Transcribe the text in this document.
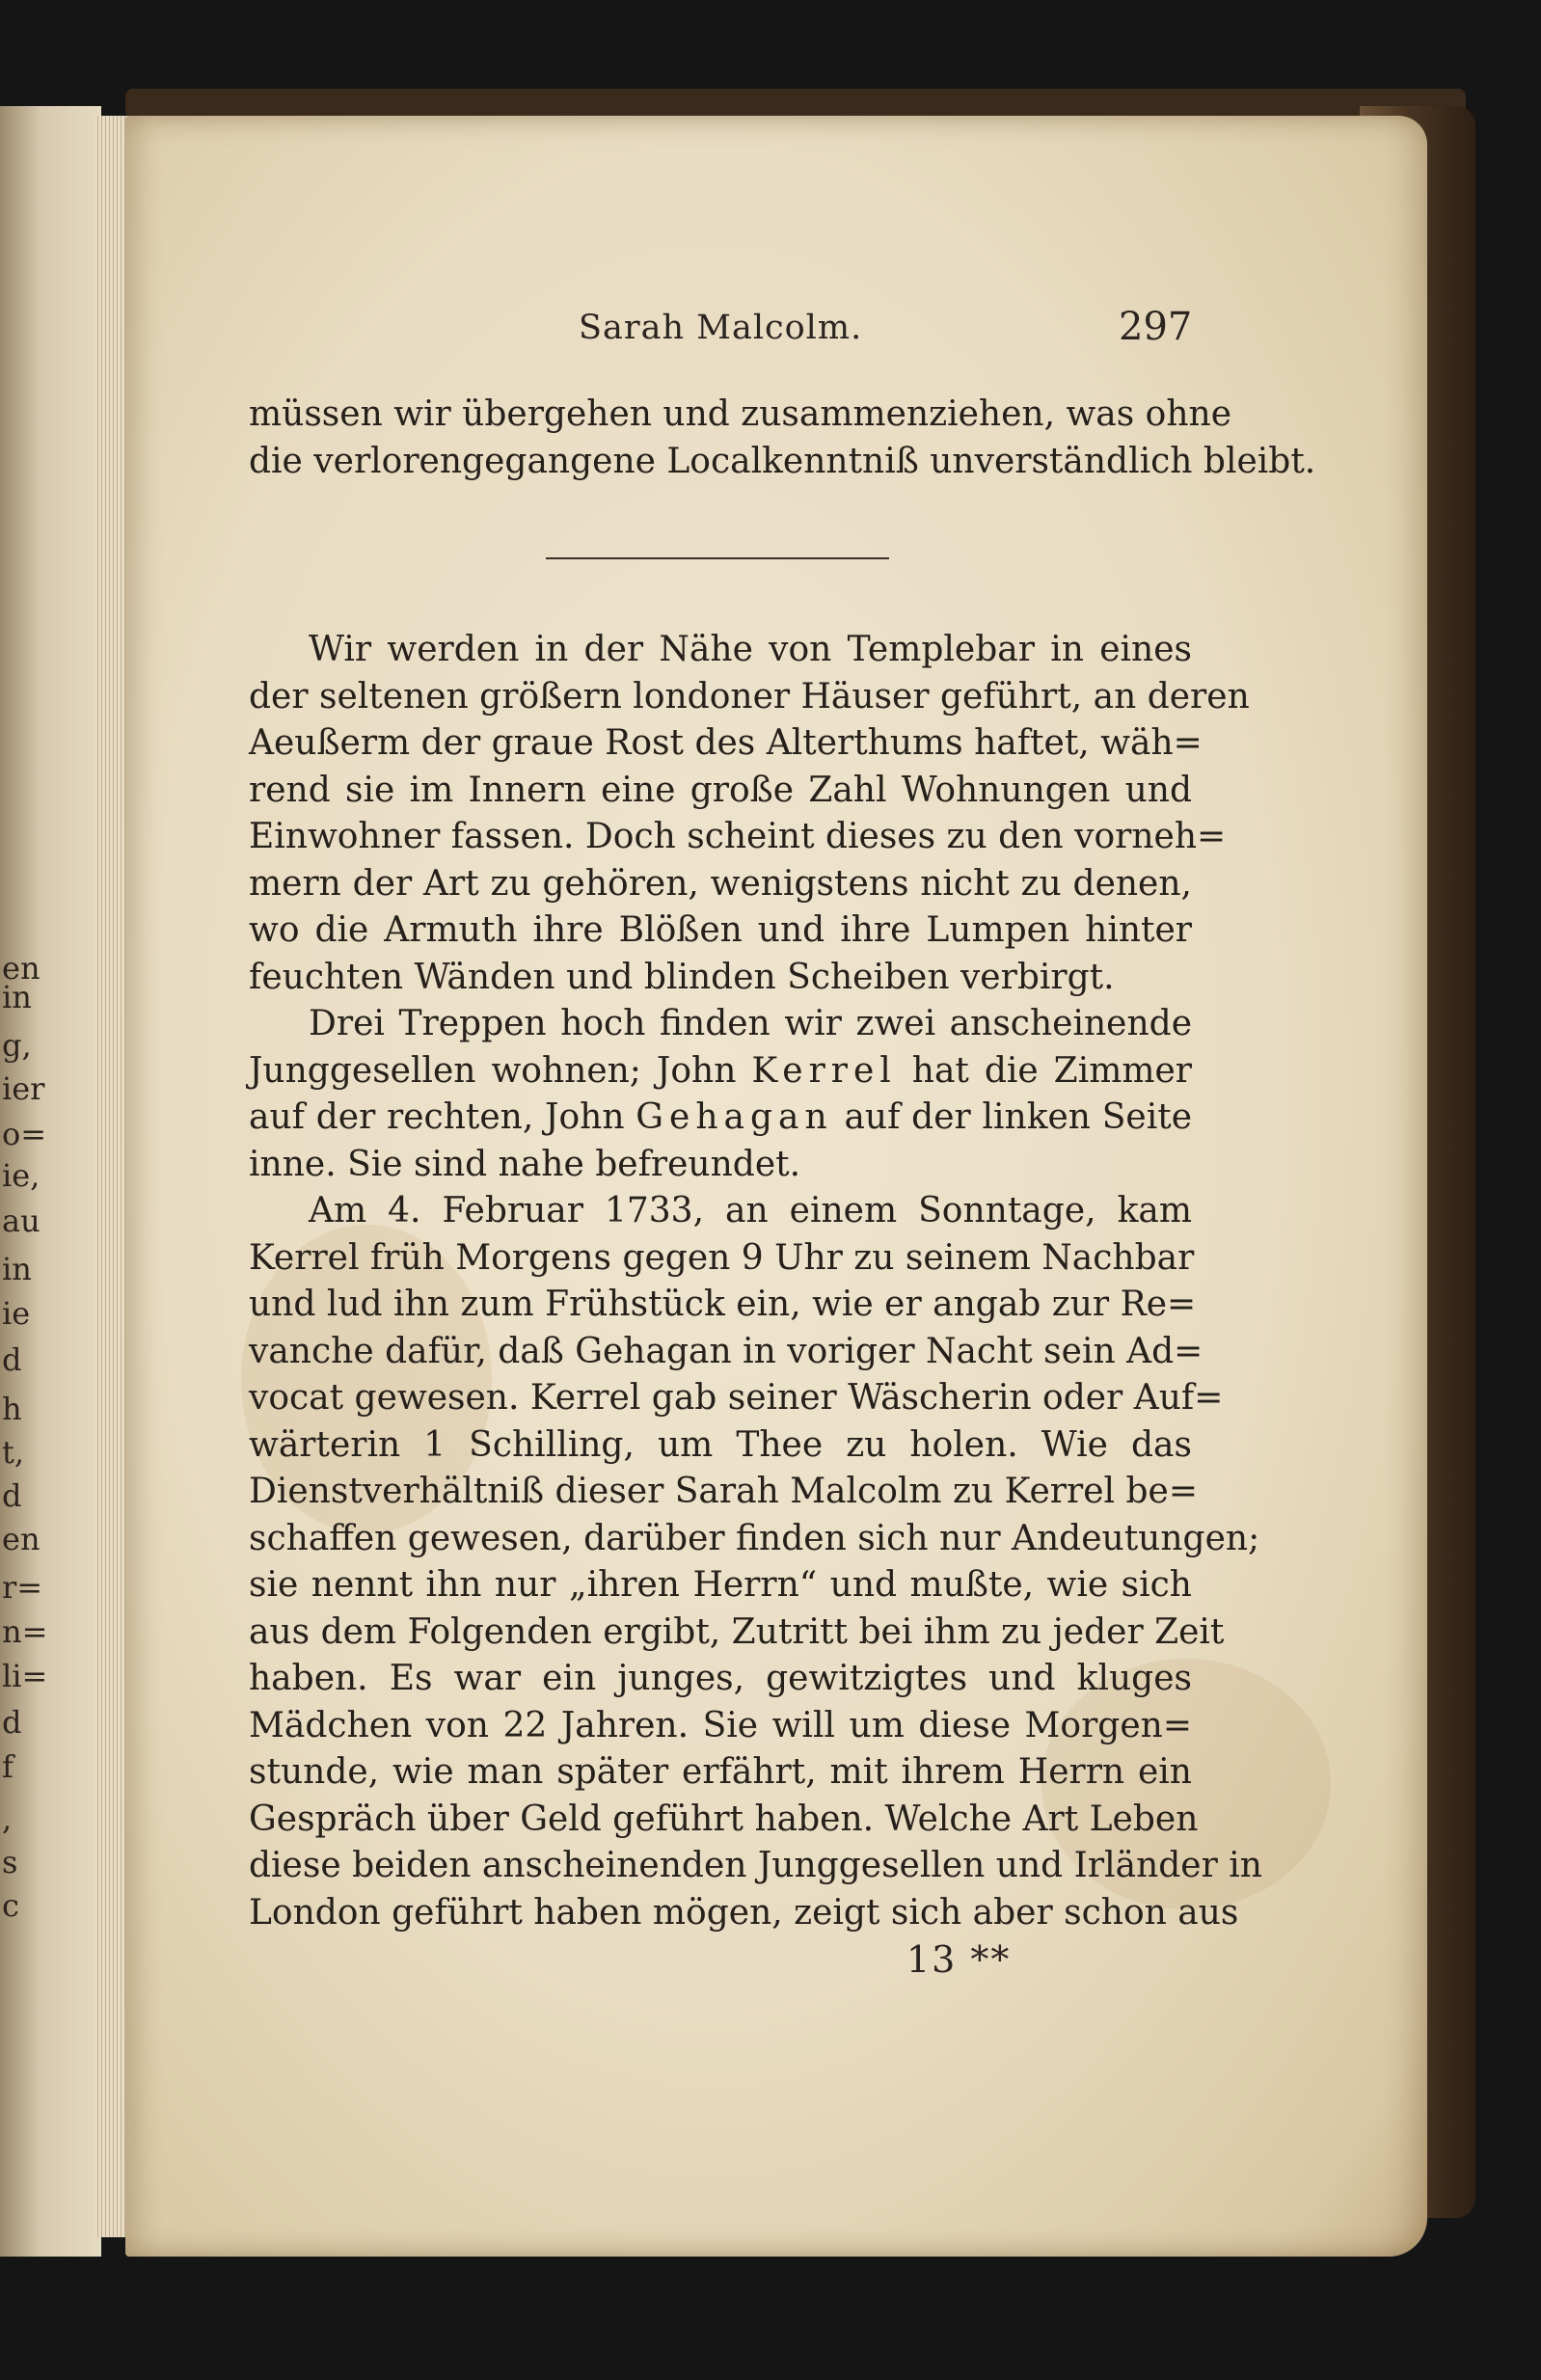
en
in
g,
ier
o=
ie,
au
in
ie
d
h
t,
d
en
r=
n=
li=
d
f
,
s
c
Sarah Malcolm.	297
müssen wir übergehen und zusammenziehen, was ohne
die verlorengegangene Localkenntniß unverständlich bleibt.
Wir werden in der Nähe von Templebar in eines
der seltenen größern londoner Häuser geführt, an deren
Aeußerm der graue Rost des Alterthums haftet, wäh=
rend sie im Innern eine große Zahl Wohnungen und
Einwohner fassen. Doch scheint dieses zu den vorneh=
mern der Art zu gehören, wenigstens nicht zu denen,
wo die Armuth ihre Blößen und ihre Lumpen hinter
feuchten Wänden und blinden Scheiben verbirgt.
Drei Treppen hoch finden wir zwei anscheinende
Junggesellen wohnen; John Kerrel hat die Zimmer
auf der rechten, John Gehagan auf der linken Seite
inne. Sie sind nahe befreundet.
Am 4. Februar 1733, an einem Sonntage, kam
Kerrel früh Morgens gegen 9 Uhr zu seinem Nachbar
und lud ihn zum Frühstück ein, wie er angab zur Re=
vanche dafür, daß Gehagan in voriger Nacht sein Ad=
vocat gewesen. Kerrel gab seiner Wäscherin oder Auf=
wärterin 1 Schilling, um Thee zu holen. Wie das
Dienstverhältniß dieser Sarah Malcolm zu Kerrel be=
schaffen gewesen, darüber finden sich nur Andeutungen;
sie nennt ihn nur „ihren Herrn“ und mußte, wie sich
aus dem Folgenden ergibt, Zutritt bei ihm zu jeder Zeit
haben. Es war ein junges, gewitzigtes und kluges
Mädchen von 22 Jahren. Sie will um diese Morgen=
stunde, wie man später erfährt, mit ihrem Herrn ein
Gespräch über Geld geführt haben. Welche Art Leben
diese beiden anscheinenden Junggesellen und Irländer in
London geführt haben mögen, zeigt sich aber schon aus
13 **
